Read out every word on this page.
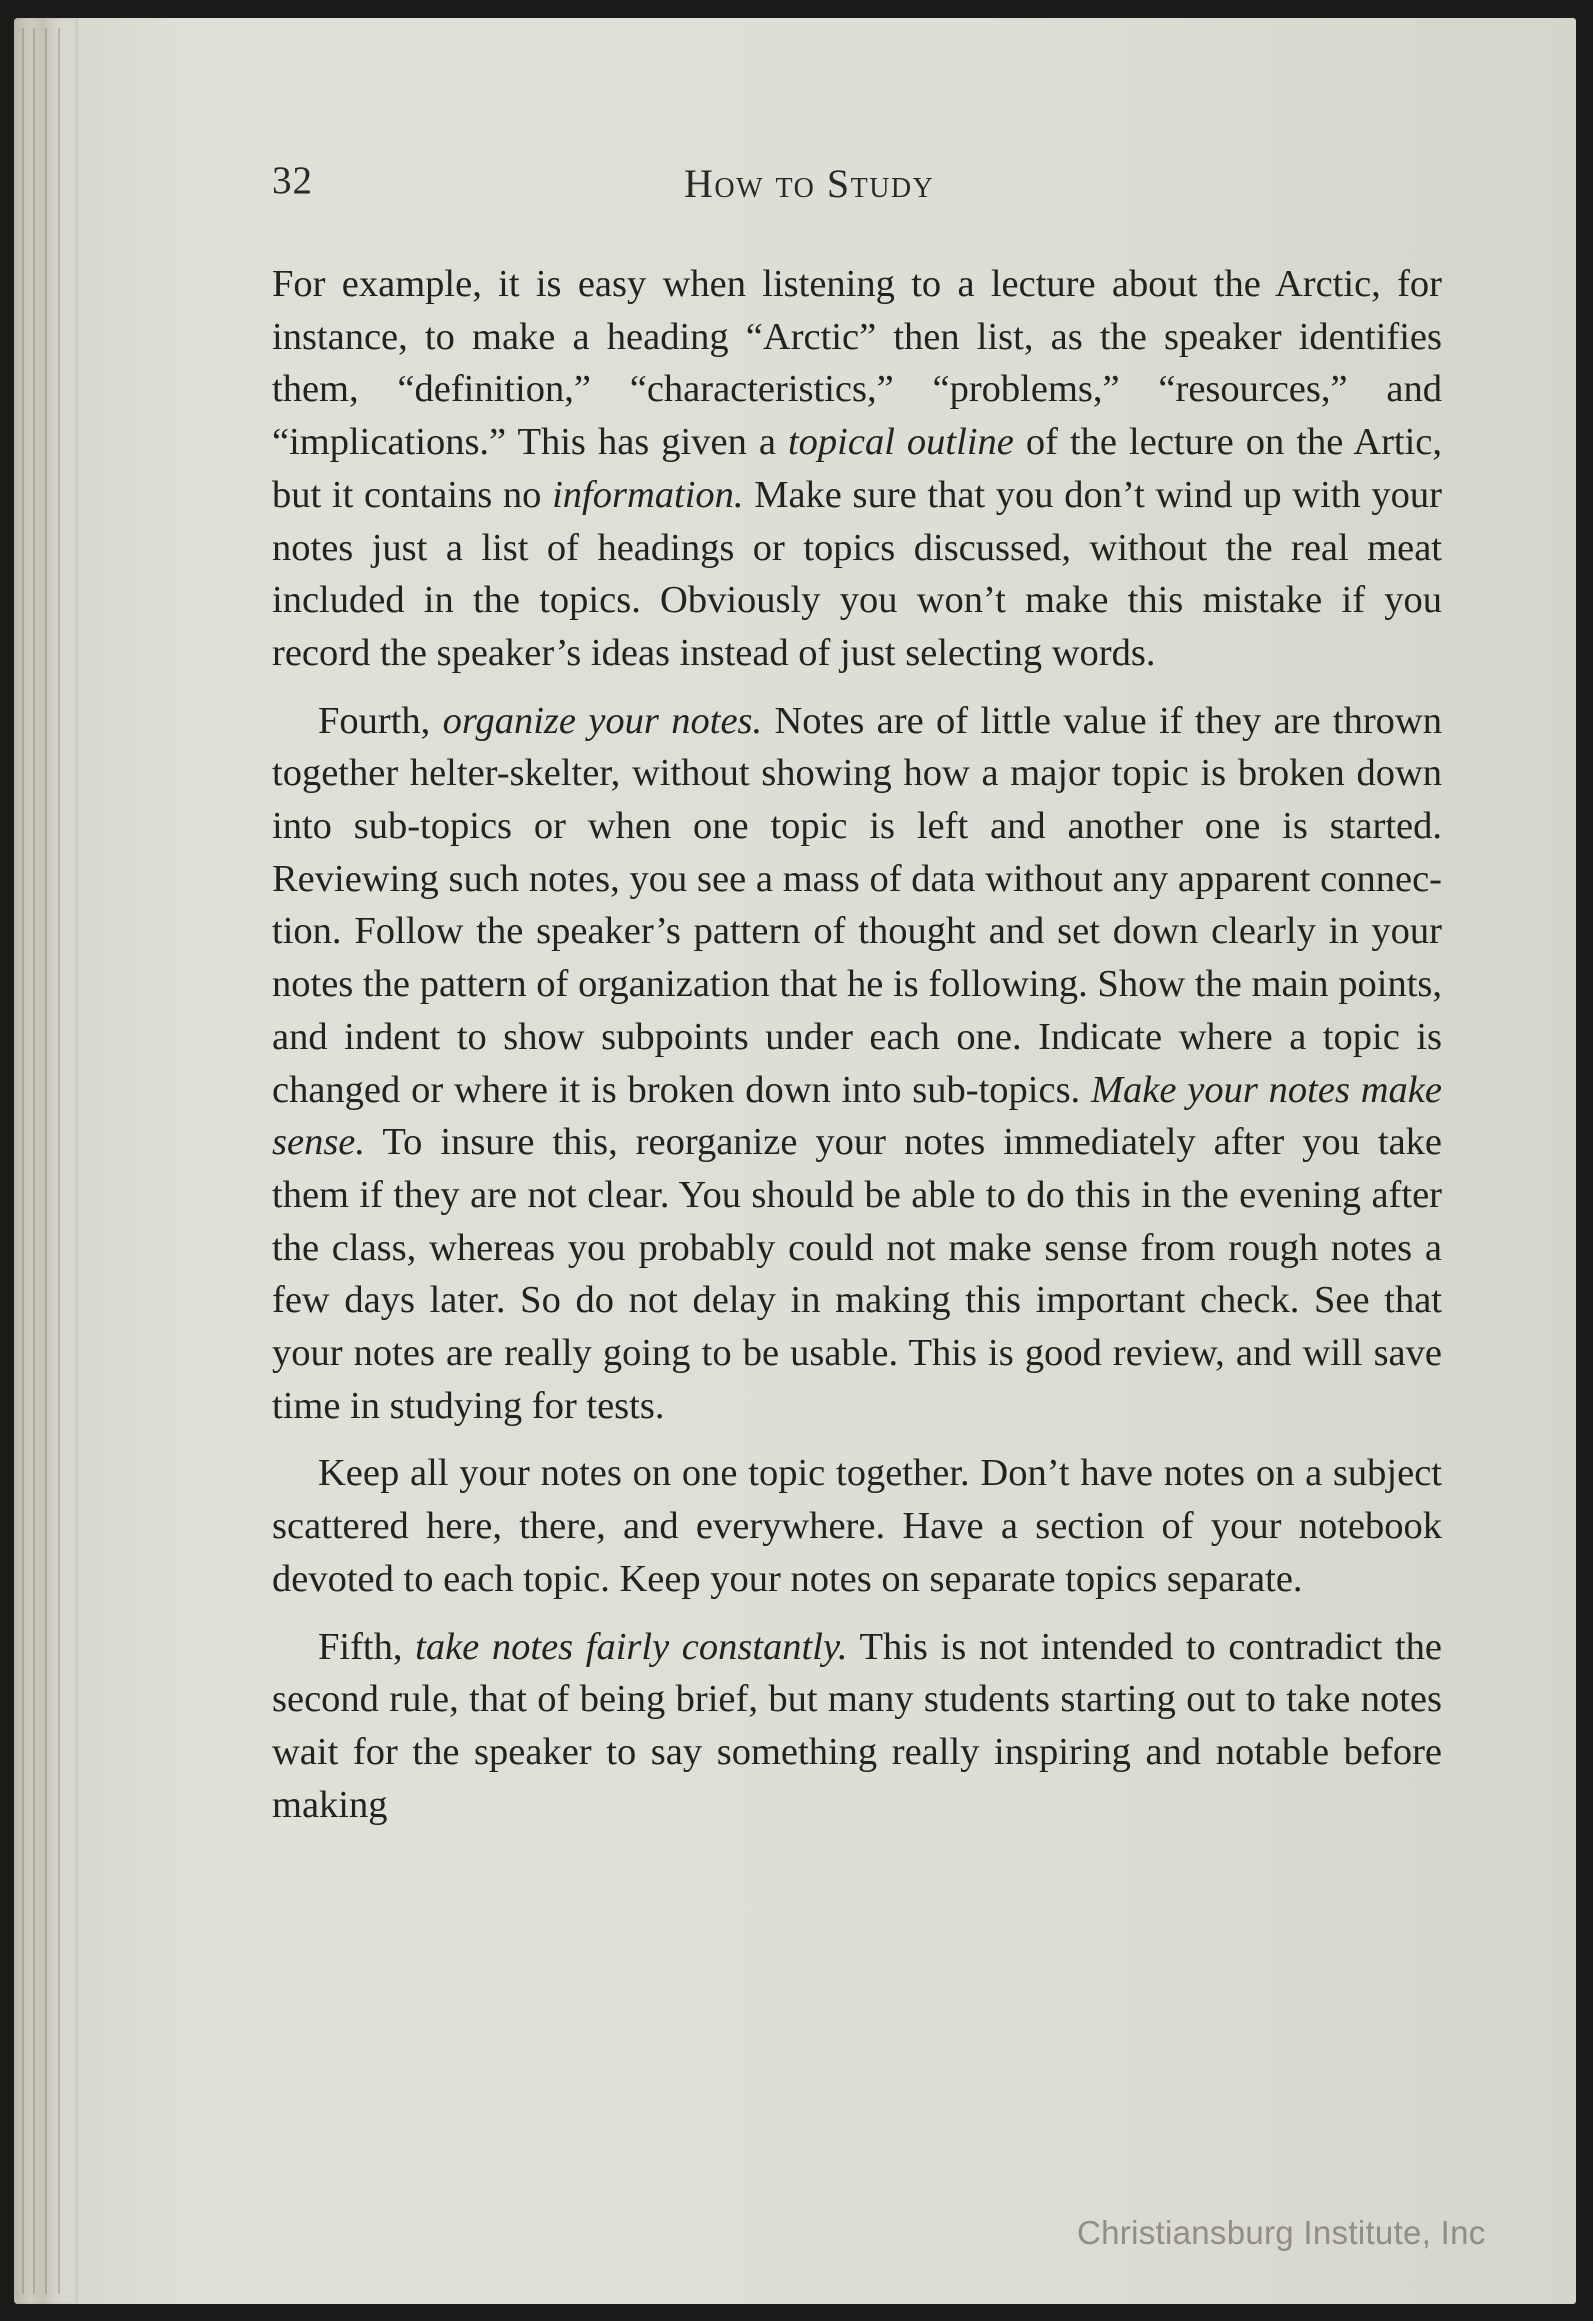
32	How to Study

For example, it is easy when listening to a lecture about the Arctic, for instance, to make a heading “Arctic” then list, as the speaker identifies them, “definition,” “characteristics,” “problems,” “resources,” and “implications.” This has given a topical outline of the lecture on the Artic, but it contains no information. Make sure that you don’t wind up with your notes just a list of headings or topics discussed, without the real meat included in the topics. Obviously you won’t make this mistake if you record the speaker’s ideas instead of just selecting words.

Fourth, organize your notes. Notes are of little value if they are thrown together helter-skelter, without showing how a major topic is broken down into sub-topics or when one topic is left and another one is started. Reviewing such notes, you see a mass of data without any apparent connection. Follow the speaker’s pattern of thought and set down clearly in your notes the pattern of organization that he is following. Show the main points, and indent to show subpoints under each one. Indicate where a topic is changed or where it is broken down into sub-topics. Make your notes make sense. To insure this, reorganize your notes immediately after you take them if they are not clear. You should be able to do this in the evening after the class, whereas you probably could not make sense from rough notes a few days later. So do not delay in making this important check. See that your notes are really going to be usable. This is good review, and will save time in studying for tests.

Keep all your notes on one topic together. Don’t have notes on a subject scattered here, there, and everywhere. Have a section of your notebook devoted to each topic. Keep your notes on separate topics separate.

Fifth, take notes fairly constantly. This is not intended to contradict the second rule, that of being brief, but many students starting out to take notes wait for the speaker to say something really inspiring and notable before making

Christiansburg Institute, Inc
